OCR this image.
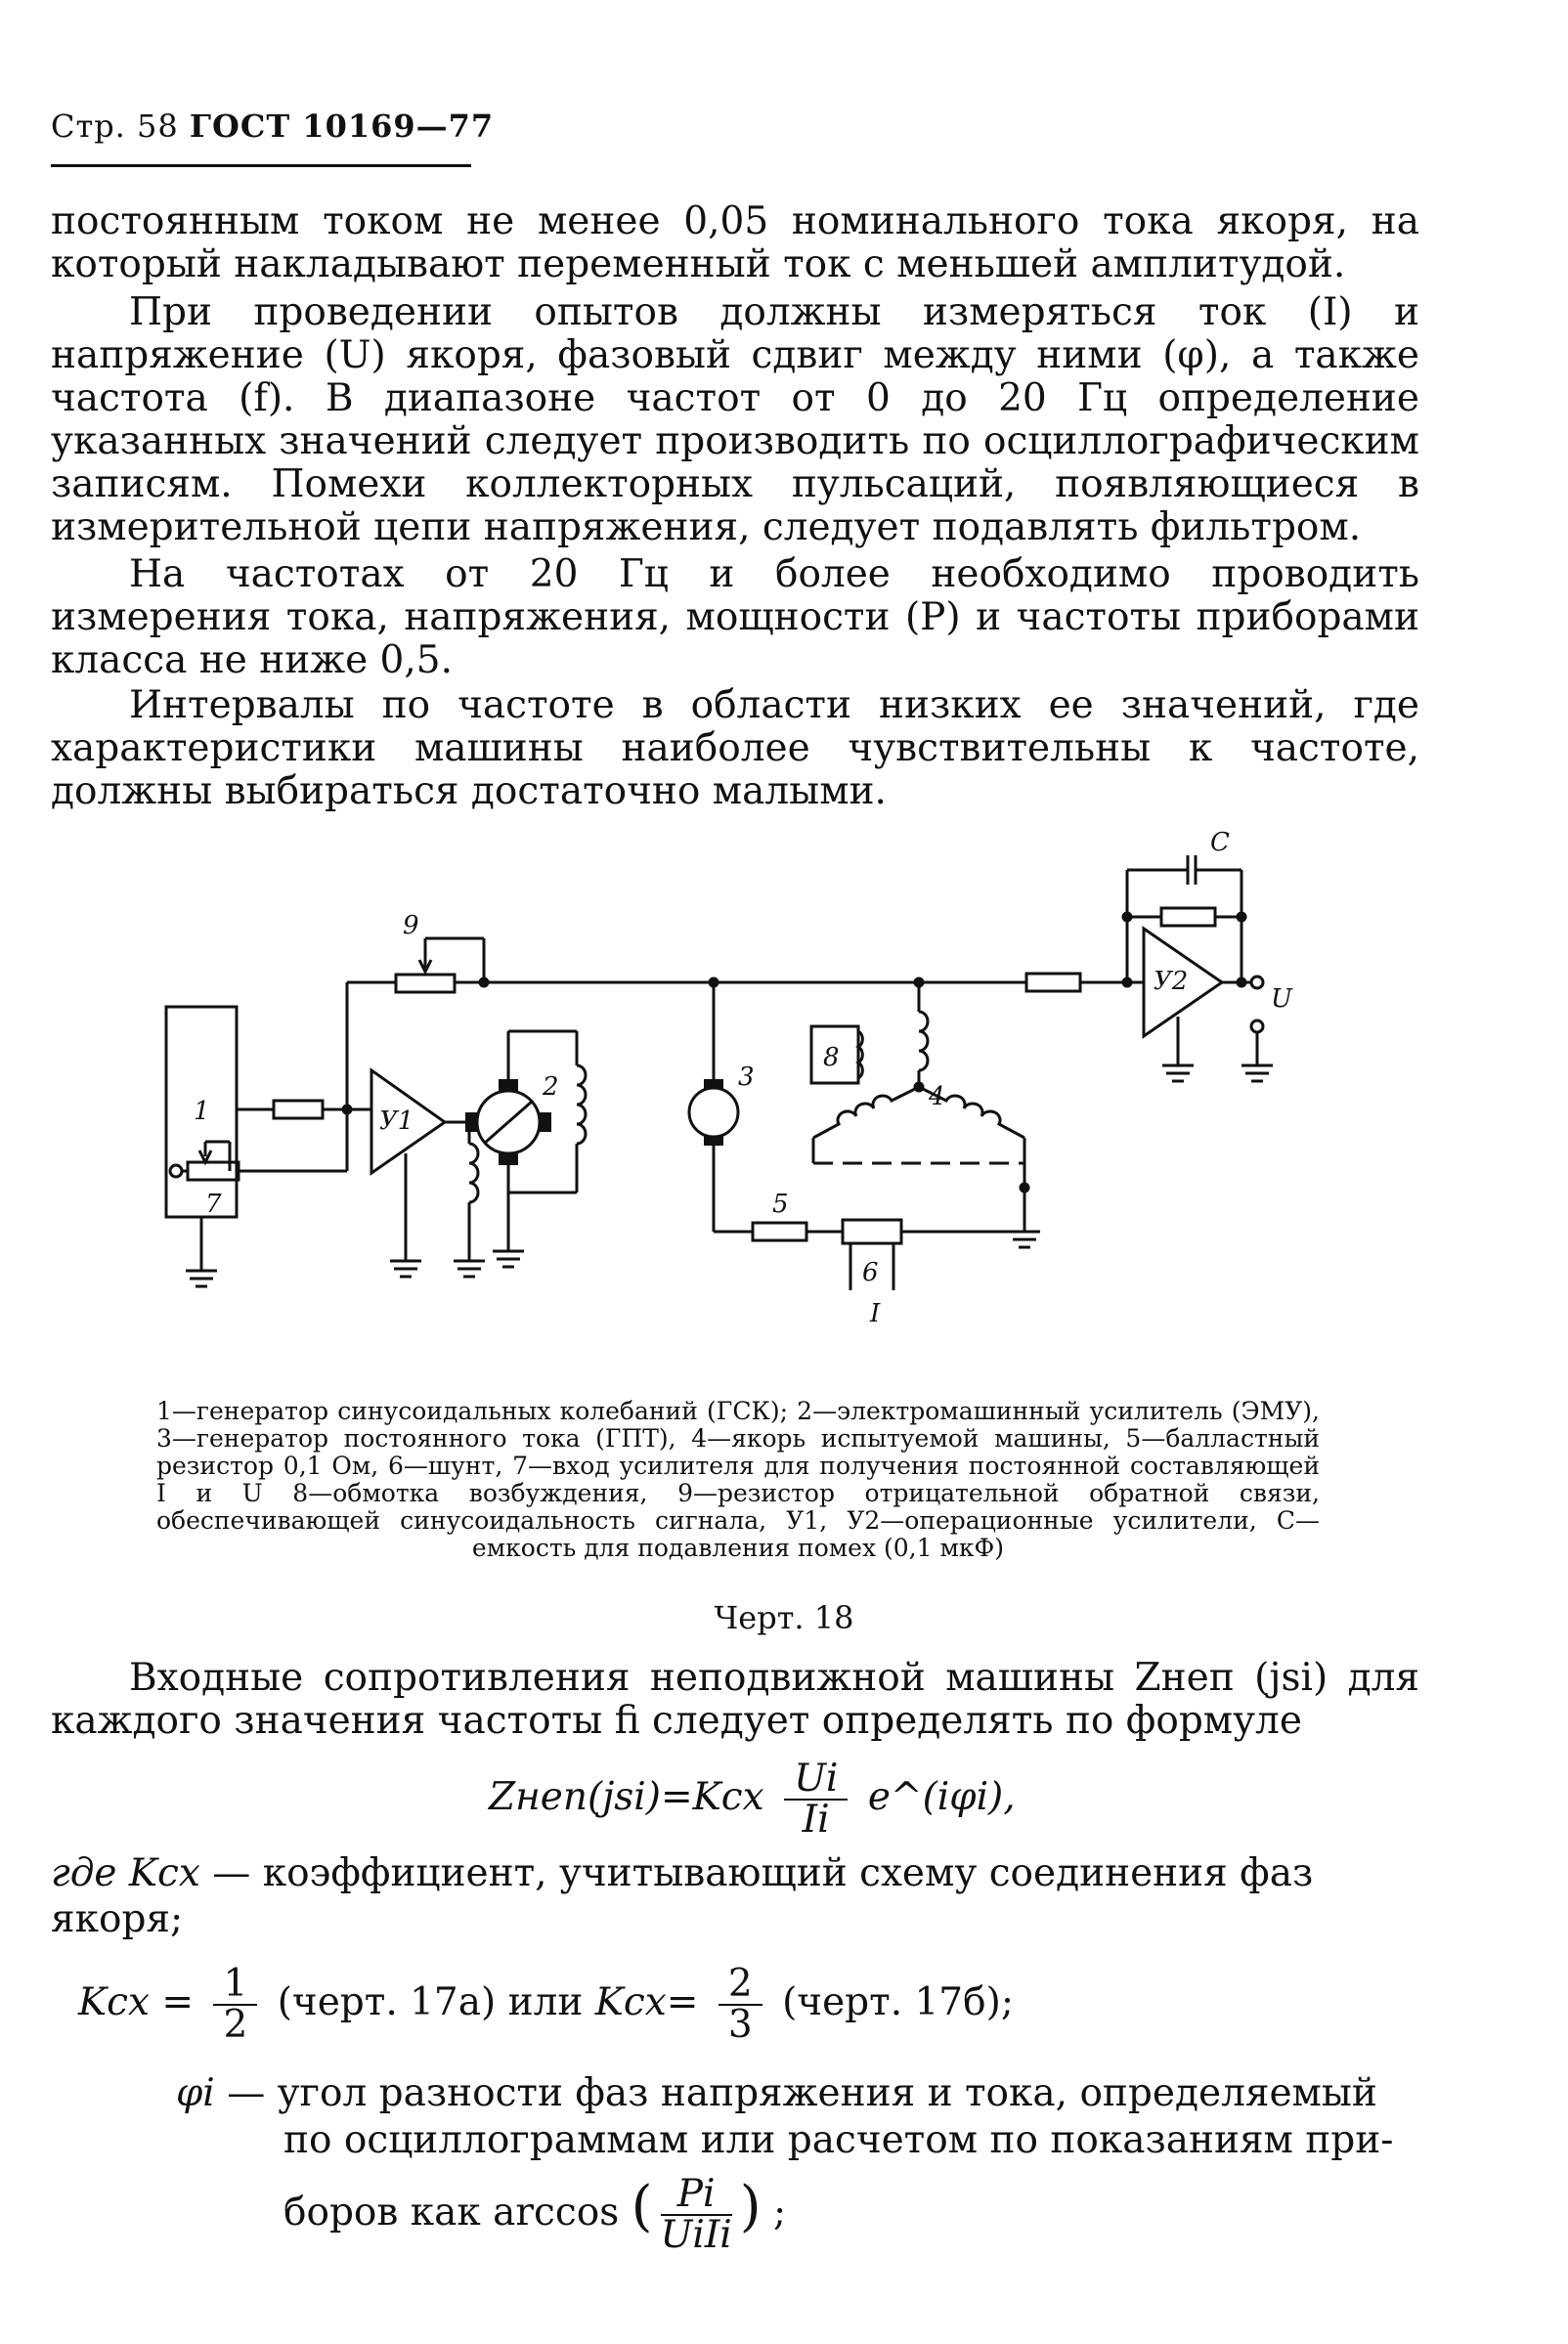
Стр. 58 ГОСТ 10169—77
постоянным током не менее 0,05 номинального тока якоря, на который накладывают переменный ток с меньшей амплитудой.
При проведении опытов должны измеряться ток (I) и напряжение (U) якоря, фазовый сдвиг между ними (φ), а также частота (f). В диапазоне частот от 0 до 20 Гц определение указанных значений следует производить по осциллографическим записям. Помехи коллекторных пульсаций, появляющиеся в измерительной цепи напряжения, следует подавлять фильтром.
На частотах от 20 Гц и более необходимо проводить измерения тока, напряжения, мощности (P) и частоты приборами класса не ниже 0,5.
Интервалы по частоте в области низких ее значений, где характеристики машины наиболее чувствительны к частоте, должны выбираться достаточно малыми.
1	У1
2	3
4
5
6
I
7
8
9
У2
С
U
1—генератор синусоидальных колебаний (ГСК); 2—электромашинный усилитель (ЭМУ), 3—генератор постоянного тока (ГПТ), 4—якорь испытуемой машины, 5—балластный резистор 0,1 Ом, 6—шунт, 7—вход усилителя для получения постоянной составляющей I и U 8—обмотка возбуждения, 9—резистор отрицательной обратной связи, обеспечивающей синусоидальность сигнала, У1, У2—операционные усилители, С—емкость для подавления помех (0,1 мкФ)
Черт. 18
Входные сопротивления неподвижной машины Zнеп (jsi) для каждого значения частоты fi следует определять по формуле
Zнеп(jsi)=Kсх $\frac{Ui}{Ii}$ e^(iφi),
где Kсх — коэффициент, учитывающий схему соединения фаз
якоря;
Kсх = $\frac{1}{2}$ (черт. 17а) или $Kсх= \frac{2}{3}$ (черт. 17б);
φi — угол разности фаз напряжения и тока, определяемый
по осциллограммам или расчетом по показаниям при-
боров как arccos ( $\frac{Pi}{\text{UiIi}}$ ) ;
